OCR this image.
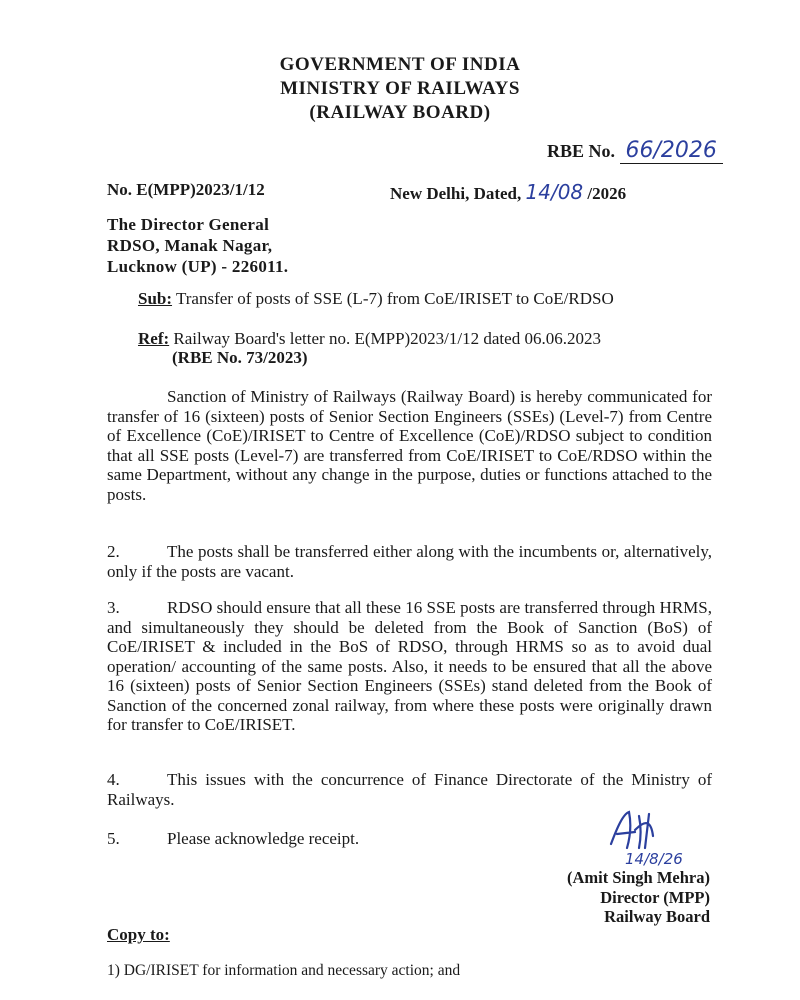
GOVERNMENT OF INDIA
MINISTRY OF RAILWAYS
(RAILWAY BOARD)
RBE No. 66/2026
No. E(MPP)2023/1/12	New Delhi, Dated, 14/08 /2026
The Director General
RDSO, Manak Nagar,
Lucknow (UP) - 226011.
Sub: Transfer of posts of SSE (L-7) from CoE/IRISET to CoE/RDSO
Ref: Railway Board's letter no. E(MPP)2023/1/12 dated 06.06.2023
(RBE No. 73/2023)

Sanction of Ministry of Railways (Railway Board) is hereby communicated for transfer of 16 (sixteen) posts of Senior Section Engineers (SSEs) (Level-7) from Centre of Excellence (CoE)/IRISET to Centre of Excellence (CoE)/RDSO subject to condition that all SSE posts (Level-7) are transferred from CoE/IRISET to CoE/RDSO within the same Department, without any change in the purpose, duties or functions attached to the posts.

2.	The posts shall be transferred either along with the incumbents or, alternatively, only if the posts are vacant.

3.	RDSO should ensure that all these 16 SSE posts are transferred through HRMS, and simultaneously they should be deleted from the Book of Sanction (BoS) of CoE/IRISET & included in the BoS of RDSO, through HRMS so as to avoid dual operation/ accounting of the same posts. Also, it needs to be ensured that all the above 16 (sixteen) posts of Senior Section Engineers (SSEs) stand deleted from the Book of Sanction of the concerned zonal railway, from where these posts were originally drawn for transfer to CoE/IRISET.

4.	This issues with the concurrence of Finance Directorate of the Ministry of Railways.

5.	Please acknowledge receipt.

14/8/26
(Amit Singh Mehra)
Director (MPP)
Railway Board
Copy to:
1) DG/IRISET for information and necessary action; and
